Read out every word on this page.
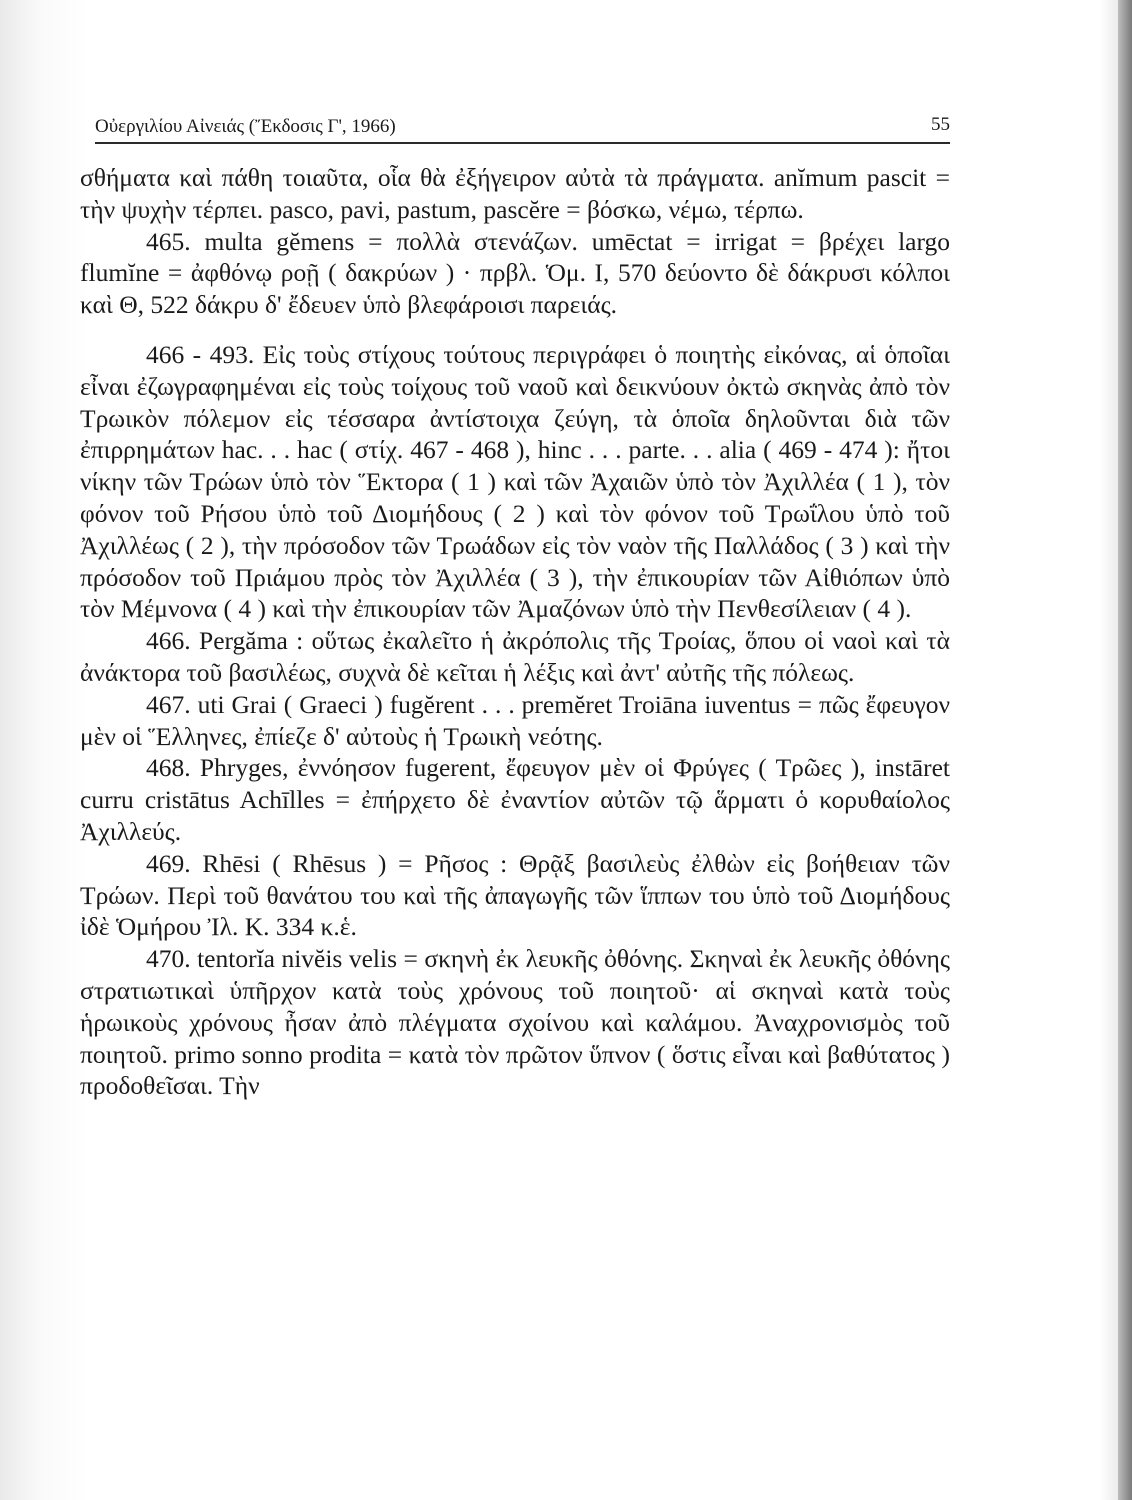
Οὐεργιλίου Αἰνειάς (Ἔκδοσις Γ', 1966)	55

σθήματα καὶ πάθη τοιαῦτα, οἷα θὰ ἐξήγειρον αὐτὰ τὰ πράγματα. anĭmum pascit = τὴν ψυχὴν τέρπει. pasco, pavi, pastum, pascĕre = βόσκω, νέμω, τέρπω.

465. multa gĕmens = πολλὰ στενάζων. umēctat = irrigat = βρέχει largo flumĭne = ἀφθόνῳ ροῇ ( δακρύων ) · πρβλ. Ὁμ. Ι, 570 δεύοντο δὲ δάκρυσι κόλποι καὶ Θ, 522 δάκρυ δ' ἔδευεν ὑπὸ βλεφάροισι παρειάς.

466 - 493. Εἰς τοὺς στίχους τούτους περιγράφει ὁ ποιητὴς εἰκόνας, αἱ ὁποῖαι εἶναι ἐζωγραφημέναι εἰς τοὺς τοίχους τοῦ ναοῦ καὶ δεικνύουν ὀκτὼ σκηνὰς ἀπὸ τὸν Τρωικὸν πόλεμον εἰς τέσσαρα ἀντίστοιχα ζεύγη, τὰ ὁποῖα δηλοῦνται διὰ τῶν ἐπιρρημάτων hac. . . hac ( στίχ. 467 - 468 ), hinc . . . parte. . . alia ( 469 - 474 ): ἤτοι νίκην τῶν Τρώων ὑπὸ τὸν Ἕκτορα ( 1 ) καὶ τῶν Ἀχαιῶν ὑπὸ τὸν Ἀχιλλέα ( 1 ), τὸν φόνον τοῦ Ρήσου ὑπὸ τοῦ Διομήδους ( 2 ) καὶ τὸν φόνον τοῦ Τρωΐλου ὑπὸ τοῦ Ἀχιλλέως ( 2 ), τὴν πρόσοδον τῶν Τρωάδων εἰς τὸν ναὸν τῆς Παλλάδος ( 3 ) καὶ τὴν πρόσοδον τοῦ Πριάμου πρὸς τὸν Ἀχιλλέα ( 3 ), τὴν ἐπικουρίαν τῶν Αἰθιόπων ὑπὸ τὸν Μέμνονα ( 4 ) καὶ τὴν ἐπικουρίαν τῶν Ἀμαζόνων ὑπὸ τὴν Πενθεσίλειαν ( 4 ).

466. Pergăma : οὕτως ἐκαλεῖτο ἡ ἀκρόπολις τῆς Τροίας, ὅπου οἱ ναοὶ καὶ τὰ ἀνάκτορα τοῦ βασιλέως, συχνὰ δὲ κεῖται ἡ λέξις καὶ ἀντ' αὐτῆς τῆς πόλεως.

467. uti Grai ( Graeci ) fugĕrent . . . premĕret Troiāna iuventus = πῶς ἔφευγον μὲν οἱ Ἕλληνες, ἐπίεζε δ' αὐτοὺς ἡ Τρωικὴ νεότης.

468. Phryges, ἐννόησον fugerent, ἔφευγον μὲν οἱ Φρύγες ( Τρῶες ), instāret curru cristātus Achīlles = ἐπήρχετο δὲ ἐναντίον αὐτῶν τῷ ἅρματι ὁ κορυθαίολος Ἀχιλλεύς.

469. Rhēsi ( Rhēsus ) = Ρῆσος : Θρᾷξ βασιλεὺς ἐλθὼν εἰς βοήθειαν τῶν Τρώων. Περὶ τοῦ θανάτου του καὶ τῆς ἀπαγωγῆς τῶν ἵππων του ὑπὸ τοῦ Διομήδους ἰδὲ Ὁμήρου Ἰλ. Κ. 334 κ.ἑ.

470. tentorĭa nivĕis velis = σκηνὴ ἐκ λευκῆς ὀθόνης. Σκηναὶ ἐκ λευκῆς ὀθόνης στρατιωτικαὶ ὑπῆρχον κατὰ τοὺς χρόνους τοῦ ποιητοῦ· αἱ σκηναὶ κατὰ τοὺς ἡρωικοὺς χρόνους ἦσαν ἀπὸ πλέγματα σχοίνου καὶ καλάμου. Ἀναχρονισμὸς τοῦ ποιητοῦ. primo sonno prodita = κατὰ τὸν πρῶτον ὕπνον ( ὅστις εἶναι καὶ βαθύτατος ) προδοθεῖσαι. Τὴν
